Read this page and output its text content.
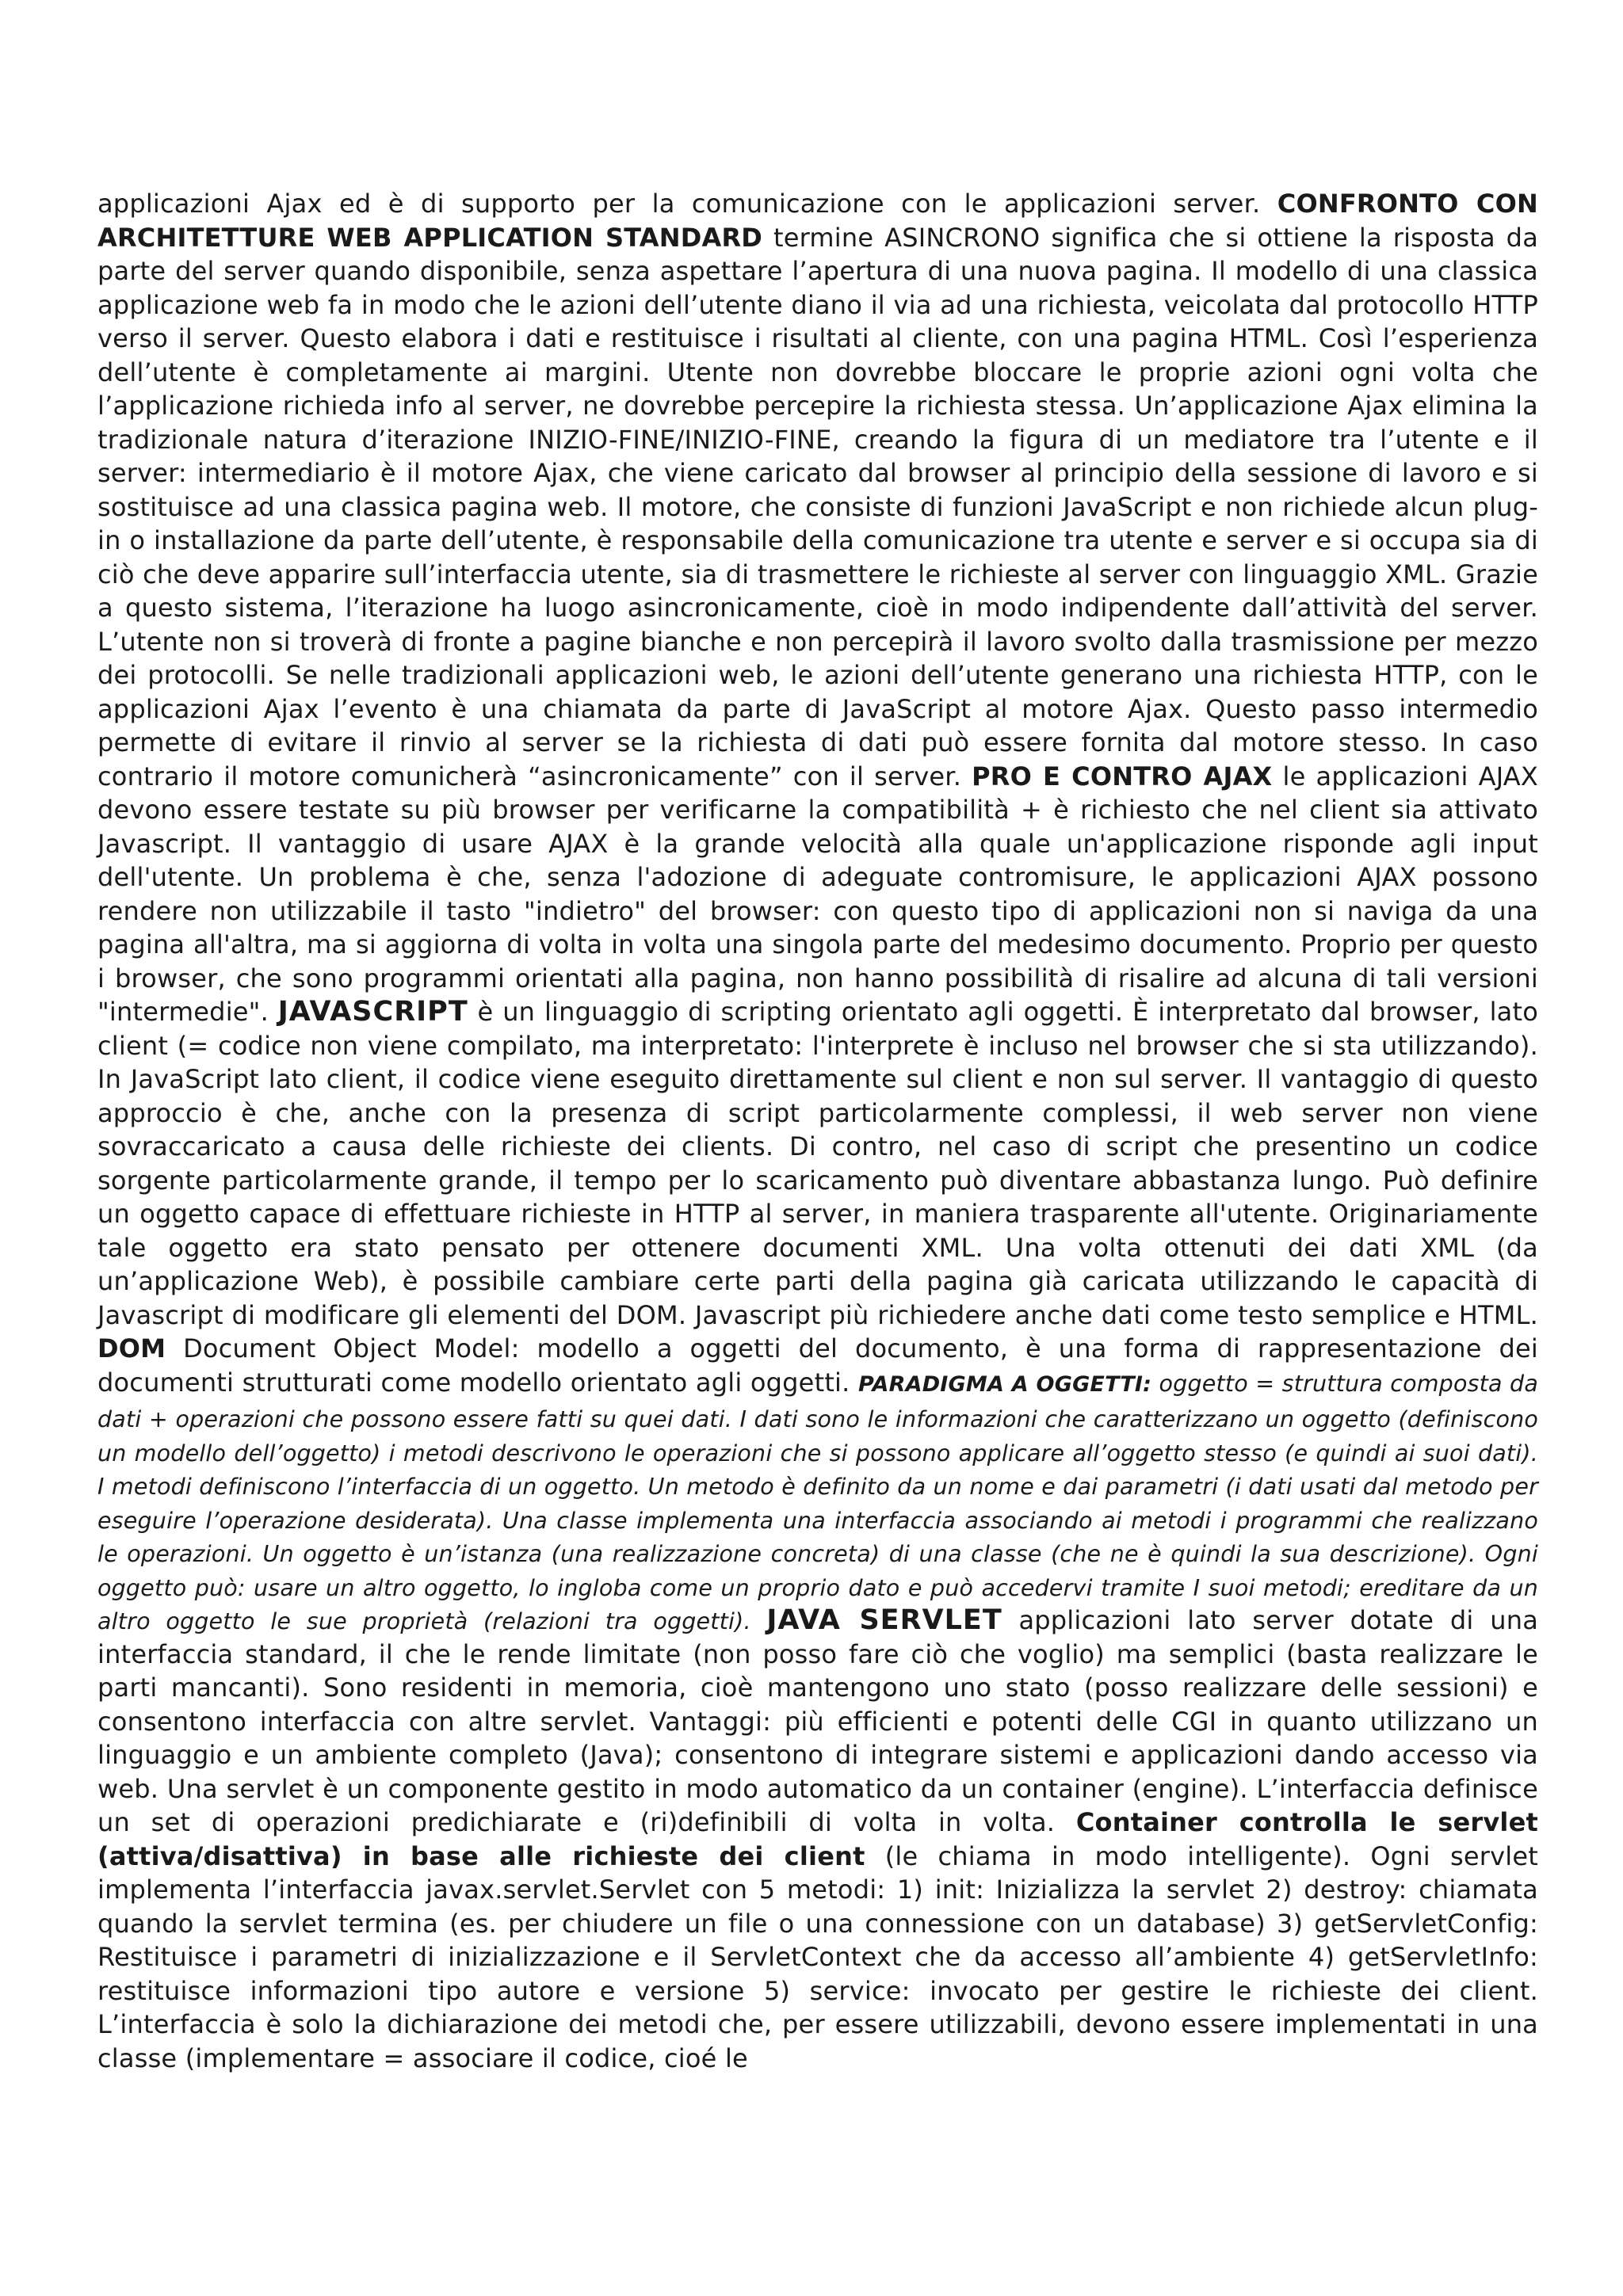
applicazioni Ajax ed è di supporto per la comunicazione con le applicazioni server. CONFRONTO CON ARCHITETTURE WEB APPLICATION STANDARD termine ASINCRONO significa che si ottiene la risposta da parte del server quando disponibile, senza aspettare l’apertura di una nuova pagina. Il modello di una classica applicazione web fa in modo che le azioni dell’utente diano il via ad una richiesta, veicolata dal protocollo HTTP verso il server. Questo elabora i dati e restituisce i risultati al cliente, con una pagina HTML. Così l’esperienza dell’utente è completamente ai margini. Utente non dovrebbe bloccare le proprie azioni ogni volta che l’applicazione richieda info al server, ne dovrebbe percepire la richiesta stessa. Un’applicazione Ajax elimina la tradizionale natura d’iterazione INIZIO-FINE/INIZIO-FINE, creando la figura di un mediatore tra l’utente e il server: intermediario è il motore Ajax, che viene caricato dal browser al principio della sessione di lavoro e si sostituisce ad una classica pagina web. Il motore, che consiste di funzioni JavaScript e non richiede alcun plug-in o installazione da parte dell’utente, è responsabile della comunicazione tra utente e server e si occupa sia di ciò che deve apparire sull’interfaccia utente, sia di trasmettere le richieste al server con linguaggio XML. Grazie a questo sistema, l’iterazione ha luogo asincronicamente, cioè in modo indipendente dall’attività del server. L’utente non si troverà di fronte a pagine bianche e non percepirà il lavoro svolto dalla trasmissione per mezzo dei protocolli. Se nelle tradizionali applicazioni web, le azioni dell’utente generano una richiesta HTTP, con le applicazioni Ajax l’evento è una chiamata da parte di JavaScript al motore Ajax. Questo passo intermedio permette di evitare il rinvio al server se la richiesta di dati può essere fornita dal motore stesso. In caso contrario il motore comunicherà “asincronicamente” con il server. PRO E CONTRO AJAX le applicazioni AJAX devono essere testate su più browser per verificarne la compatibilità + è richiesto che nel client sia attivato Javascript. Il vantaggio di usare AJAX è la grande velocità alla quale un'applicazione risponde agli input dell'utente. Un problema è che, senza l'adozione di adeguate contromisure, le applicazioni AJAX possono rendere non utilizzabile il tasto "indietro" del browser: con questo tipo di applicazioni non si naviga da una pagina all'altra, ma si aggiorna di volta in volta una singola parte del medesimo documento. Proprio per questo i browser, che sono programmi orientati alla pagina, non hanno possibilità di risalire ad alcuna di tali versioni "intermedie". JAVASCRIPT è un linguaggio di scripting orientato agli oggetti. È interpretato dal browser, lato client (= codice non viene compilato, ma interpretato: l'interprete è incluso nel browser che si sta utilizzando). In JavaScript lato client, il codice viene eseguito direttamente sul client e non sul server. Il vantaggio di questo approccio è che, anche con la presenza di script particolarmente complessi, il web server non viene sovraccaricato a causa delle richieste dei clients. Di contro, nel caso di script che presentino un codice sorgente particolarmente grande, il tempo per lo scaricamento può diventare abbastanza lungo. Può definire un oggetto capace di effettuare richieste in HTTP al server, in maniera trasparente all'utente. Originariamente tale oggetto era stato pensato per ottenere documenti XML. Una volta ottenuti dei dati XML (da un’applicazione Web), è possibile cambiare certe parti della pagina già caricata utilizzando le capacità di Javascript di modificare gli elementi del DOM. Javascript più richiedere anche dati come testo semplice e HTML. DOM Document Object Model: modello a oggetti del documento, è una forma di rappresentazione dei documenti strutturati come modello orientato agli oggetti. PARADIGMA A OGGETTI: oggetto = struttura composta da dati + operazioni che possono essere fatti su quei dati. I dati sono le informazioni che caratterizzano un oggetto (definiscono un modello dell’oggetto) i metodi descrivono le operazioni che si possono applicare all’oggetto stesso (e quindi ai suoi dati). I metodi definiscono l’interfaccia di un oggetto. Un metodo è definito da un nome e dai parametri (i dati usati dal metodo per eseguire l’operazione desiderata). Una classe implementa una interfaccia associando ai metodi i programmi che realizzano le operazioni. Un oggetto è un’istanza (una realizzazione concreta) di una classe (che ne è quindi la sua descrizione). Ogni oggetto può: usare un altro oggetto, lo ingloba come un proprio dato e può accedervi tramite I suoi metodi; ereditare da un altro oggetto le sue proprietà (relazioni tra oggetti). JAVA SERVLET applicazioni lato server dotate di una interfaccia standard, il che le rende limitate (non posso fare ciò che voglio) ma semplici (basta realizzare le parti mancanti). Sono residenti in memoria, cioè mantengono uno stato (posso realizzare delle sessioni) e consentono interfaccia con altre servlet. Vantaggi: più efficienti e potenti delle CGI in quanto utilizzano un linguaggio e un ambiente completo (Java); consentono di integrare sistemi e applicazioni dando accesso via web. Una servlet è un componente gestito in modo automatico da un container (engine). L’interfaccia definisce un set di operazioni predichiarate e (ri)definibili di volta in volta. Container controlla le servlet (attiva/disattiva) in base alle richieste dei client (le chiama in modo intelligente). Ogni servlet implementa l’interfaccia javax.servlet.Servlet con 5 metodi: 1) init: Inizializza la servlet 2) destroy: chiamata quando la servlet termina (es. per chiudere un file o una connessione con un database) 3) getServletConfig: Restituisce i parametri di inizializzazione e il ServletContext che da accesso all’ambiente 4) getServletInfo: restituisce informazioni tipo autore e versione 5) service: invocato per gestire le richieste dei client. L’interfaccia è solo la dichiarazione dei metodi che, per essere utilizzabili, devono essere implementati in una classe (implementare = associare il codice, cioé le
